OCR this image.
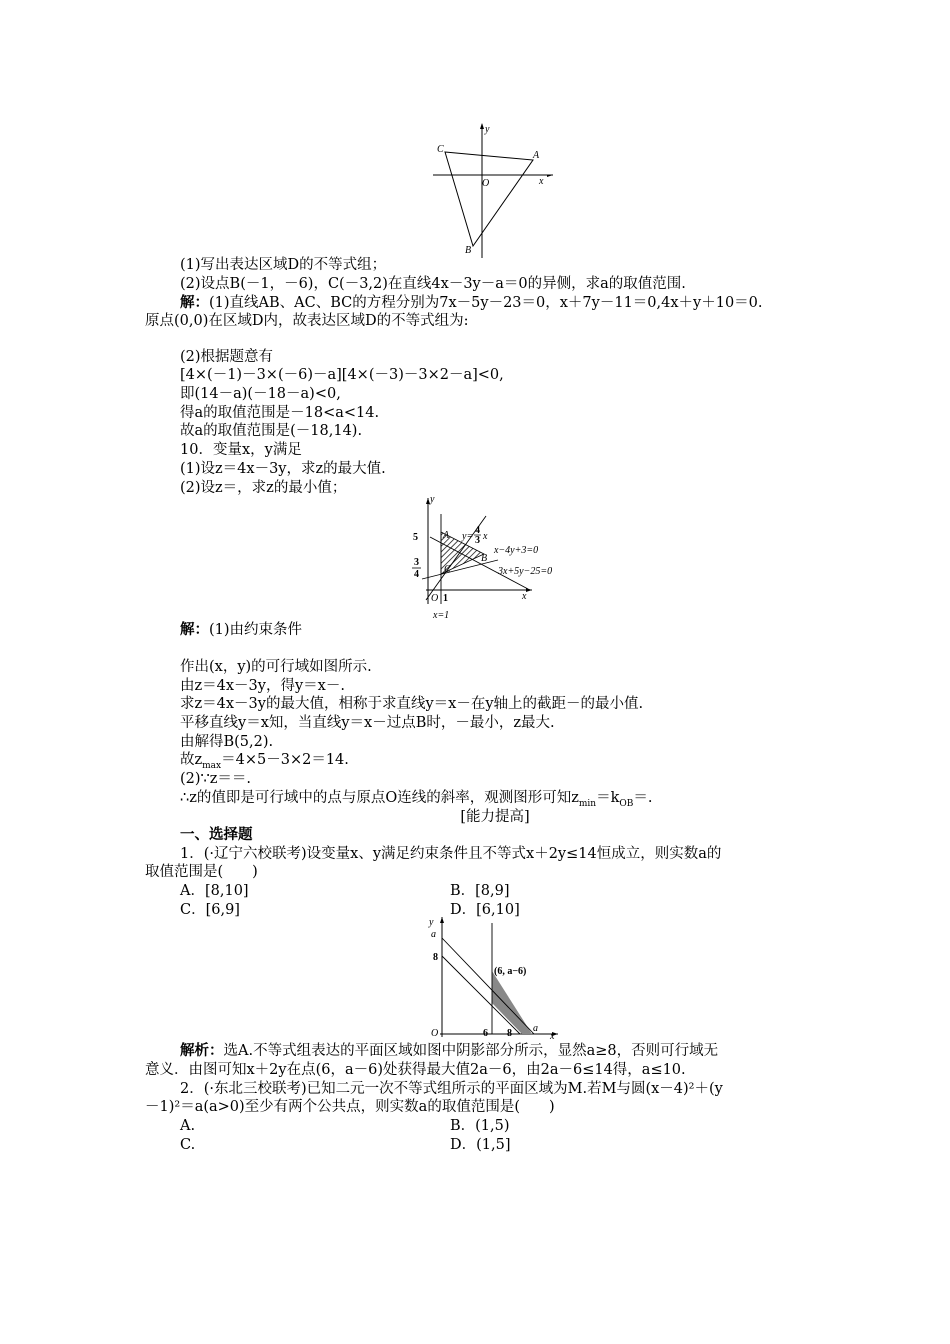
y
x
C
A
O
B
(1)写出表达区域D的不等式组；
(2)设点B(－1，－6)，C(－3,2)在直线4x－3y－a＝0的异侧，求a的取值范围.
解：(1)直线AB、AC、BC的方程分别为7x－5y－23＝0，x＋7y－11＝0,4x＋y＋10＝0.
原点(0,0)在区域D内，故表达区域D的不等式组为:
(2)根据题意有
[4×(－1)－3×(－6)－a][4×(－3)－3×2－a]<0,
即(14－a)(－18－a)<0,
得a的取值范围是－18<a<14.
故a的取值范围是(－18,14).
10．变量x，y满足
(1)设z＝4x－3y，求z的最大值.
(2)设z＝，求z的最小值；
y
x
5
3
4
A
B
C
O 1
y=
4
3 x
x−4y+3=0
3x+5y−25=0
x=1
解：(1)由约束条件
作出(x，y)的可行域如图所示.
由z＝4x－3y，得y＝x－.
求z＝4x－3y的最大值，相称于求直线y＝x－在y轴上的截距－的最小值.
平移直线y＝x知，当直线y＝x－过点B时，－最小，z最大.
由解得B(5,2).
故$z_{max}=4\times 5-3\times 2=14$.
(2)∵z＝＝.
∴z的值即是可行域中的点与原点O连线的斜率，观测图形可知$z_{min}=k_{OB}=$.
[能力提高]
一、选择题
1．(·辽宁六校联考)设变量x、y满足约束条件且不等式x＋2y≤14恒成立，则实数a的
取值范围是(　　)
A．[8,10]	B．[8,9]
C．[6,9]	D．[6,10]
y
a
8
(6, a−6)
O	6 8 a
x
解析：选A.不等式组表达的平面区域如图中阴影部分所示，显然a≥8，否则可行域无
意义．由图可知x＋2y在点(6，a－6)处获得最大值2a－6，由2a－6≤14得，a≤10.
2．(·东北三校联考)已知二元一次不等式组所示的平面区域为M.若M与圆(x－4)²＋(y
－1)²＝a(a>0)至少有两个公共点，则实数a的取值范围是(　　)
A.	B．(1,5)
C.	D．(1,5]
